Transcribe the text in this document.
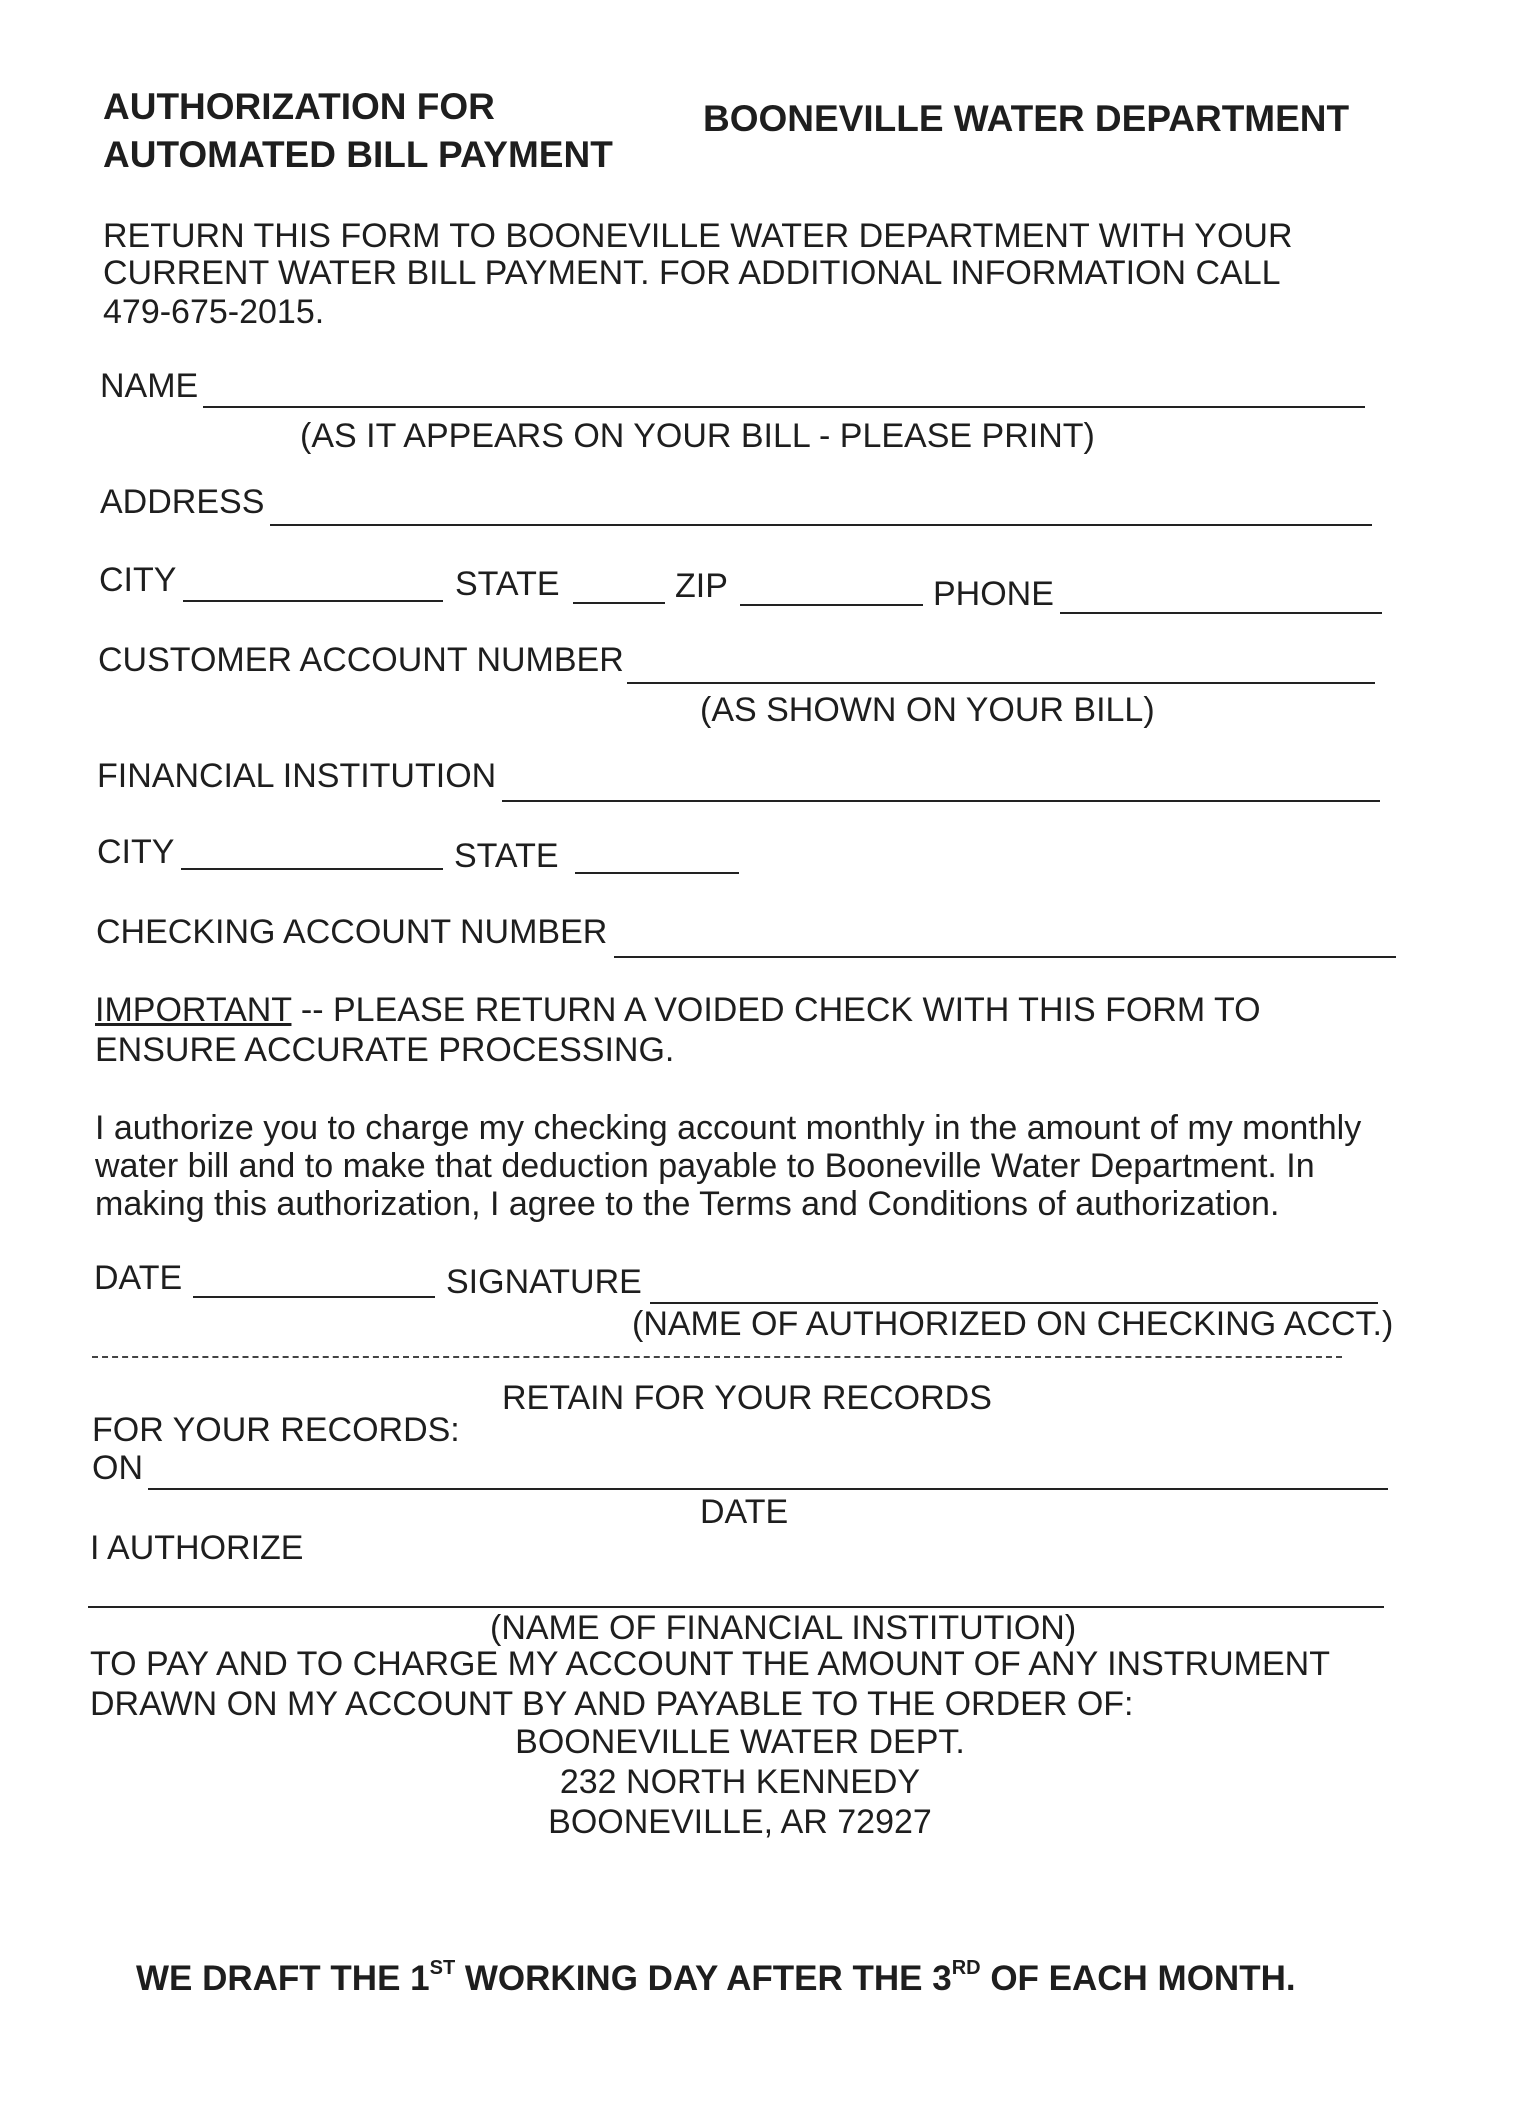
AUTHORIZATION FOR
AUTOMATED BILL PAYMENT
BOONEVILLE WATER DEPARTMENT
RETURN THIS FORM TO BOONEVILLE WATER DEPARTMENT WITH YOUR
CURRENT WATER BILL PAYMENT. FOR ADDITIONAL INFORMATION CALL
479-675-2015.
NAME
(AS IT APPEARS ON YOUR BILL - PLEASE PRINT)
ADDRESS
CITY	STATE	ZIP	PHONE
CUSTOMER ACCOUNT NUMBER
(AS SHOWN ON YOUR BILL)
FINANCIAL INSTITUTION
CITY	STATE
CHECKING ACCOUNT NUMBER
IMPORTANT -- PLEASE RETURN A VOIDED CHECK WITH THIS FORM TO
ENSURE ACCURATE PROCESSING.
I authorize you to charge my checking account monthly in the amount of my monthly
water bill and to make that deduction payable to Booneville Water Department. In
making this authorization, I agree to the Terms and Conditions of authorization.
DATE	SIGNATURE
(NAME OF AUTHORIZED ON CHECKING ACCT.)
RETAIN FOR YOUR RECORDS
FOR YOUR RECORDS:
ON
DATE
I AUTHORIZE
(NAME OF FINANCIAL INSTITUTION)
TO PAY AND TO CHARGE MY ACCOUNT THE AMOUNT OF ANY INSTRUMENT
DRAWN ON MY ACCOUNT BY AND PAYABLE TO THE ORDER OF:
BOONEVILLE WATER DEPT.
232 NORTH KENNEDY
BOONEVILLE, AR 72927
WE DRAFT THE 1ST WORKING DAY AFTER THE 3RD OF EACH MONTH.
